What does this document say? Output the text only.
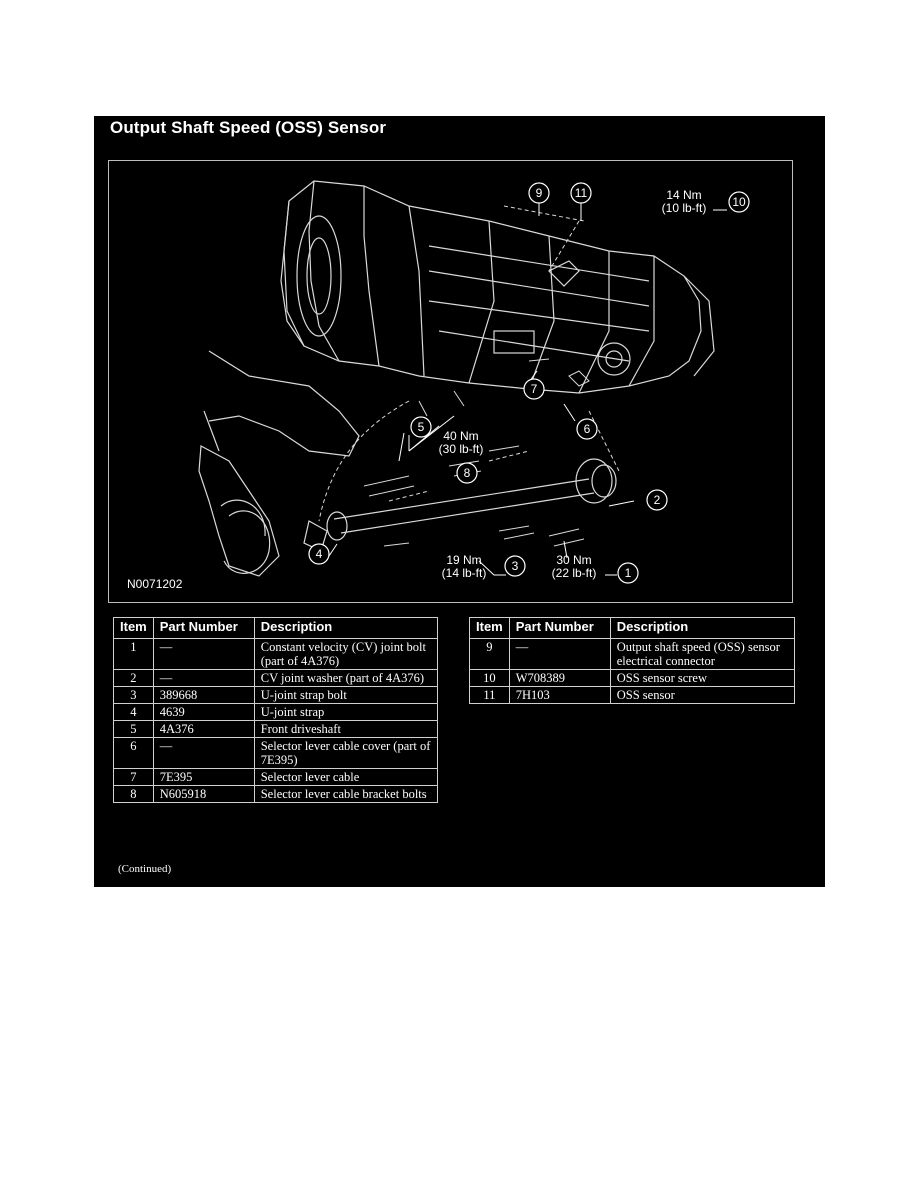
Output Shaft Speed (OSS) Sensor
9	11
10
5
7
6
8
2
4
3	1
14 Nm
(10 lb-ft)
40 Nm
(30 lb-ft)
19 Nm
(14 lb-ft)
30 Nm
(22 lb-ft)
N0071202
Item	Part Number	Description
1	—	Constant velocity (CV) joint bolt (part of 4A376)
2	—	CV joint washer (part of 4A376)
3	389668	U-joint strap bolt
4	4639	U-joint strap
5	4A376	Front driveshaft
6	—	Selector lever cable cover (part of 7E395)
7	7E395	Selector lever cable
8	N605918	Selector lever cable bracket bolts
Item	Part Number	Description
9	—	Output shaft speed (OSS) sensor electrical connector
10	W708389	OSS sensor screw
11	7H103	OSS sensor
(Continued)
